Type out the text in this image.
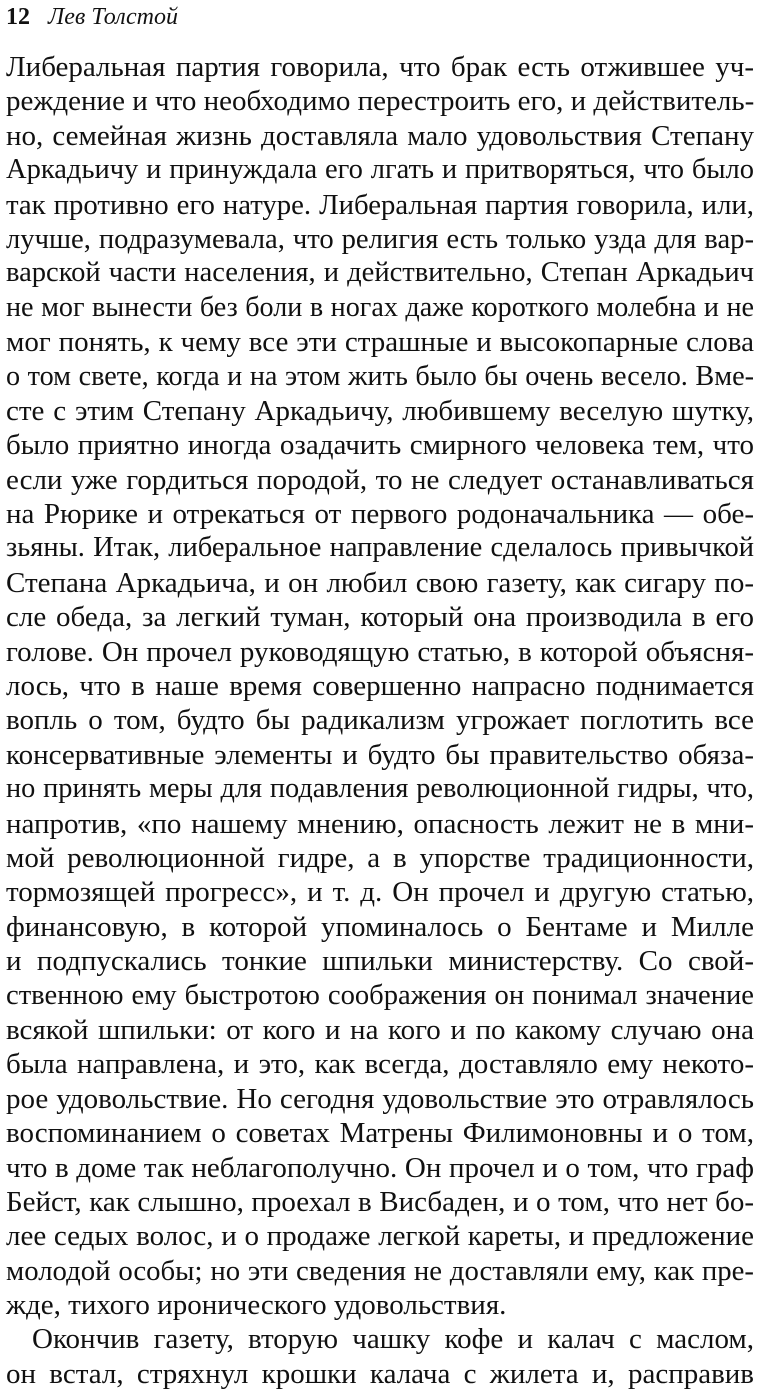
12 Лев Толстой
Либеральная партия говорила, что брак есть отжившее уч-
реждение и что необходимо перестроить его, и действитель-
но, семейная жизнь доставляла мало удовольствия Степану
Аркадьичу и принуждала его лгать и притворяться, что было
так противно его натуре. Либеральная партия говорила, или,
лучше, подразумевала, что религия есть только узда для вар-
варской части населения, и действительно, Степан Аркадьич
не мог вынести без боли в ногах даже короткого молебна и не
мог понять, к чему все эти страшные и высокопарные слова
о том свете, когда и на этом жить было бы очень весело. Вме-
сте с этим Степану Аркадьичу, любившему веселую шутку,
было приятно иногда озадачить смирного человека тем, что
если уже гордиться породой, то не следует останавливаться
на Рюрике и отрекаться от первого родоначальника — обе-
зьяны. Итак, либеральное направление сделалось привычкой
Степана Аркадьича, и он любил свою газету, как сигару по-
сле обеда, за легкий туман, который она производила в его
голове. Он прочел руководящую статью, в которой объясня-
лось, что в наше время совершенно напрасно поднимается
вопль о том, будто бы радикализм угрожает поглотить все
консервативные элементы и будто бы правительство обяза-
но принять меры для подавления революционной гидры, что,
напротив, «по нашему мнению, опасность лежит не в мни-
мой революционной гидре, а в упорстве традиционности,
тормозящей прогресс», и т. д. Он прочел и другую статью,
финансовую, в которой упоминалось о Бентаме и Милле
и подпускались тонкие шпильки министерству. Со свой-
ственною ему быстротою соображения он понимал значение
всякой шпильки: от кого и на кого и по какому случаю она
была направлена, и это, как всегда, доставляло ему некото-
рое удовольствие. Но сегодня удовольствие это отравлялось
воспоминанием о советах Матрены Филимоновны и о том,
что в доме так неблагополучно. Он прочел и о том, что граф
Бейст, как слышно, проехал в Висбаден, и о том, что нет бо-
лее седых волос, и о продаже легкой кареты, и предложение
молодой особы; но эти сведения не доставляли ему, как пре-
жде, тихого иронического удовольствия.
Окончив газету, вторую чашку кофе и калач с маслом,
он встал, стряхнул крошки калача с жилета и, расправив
